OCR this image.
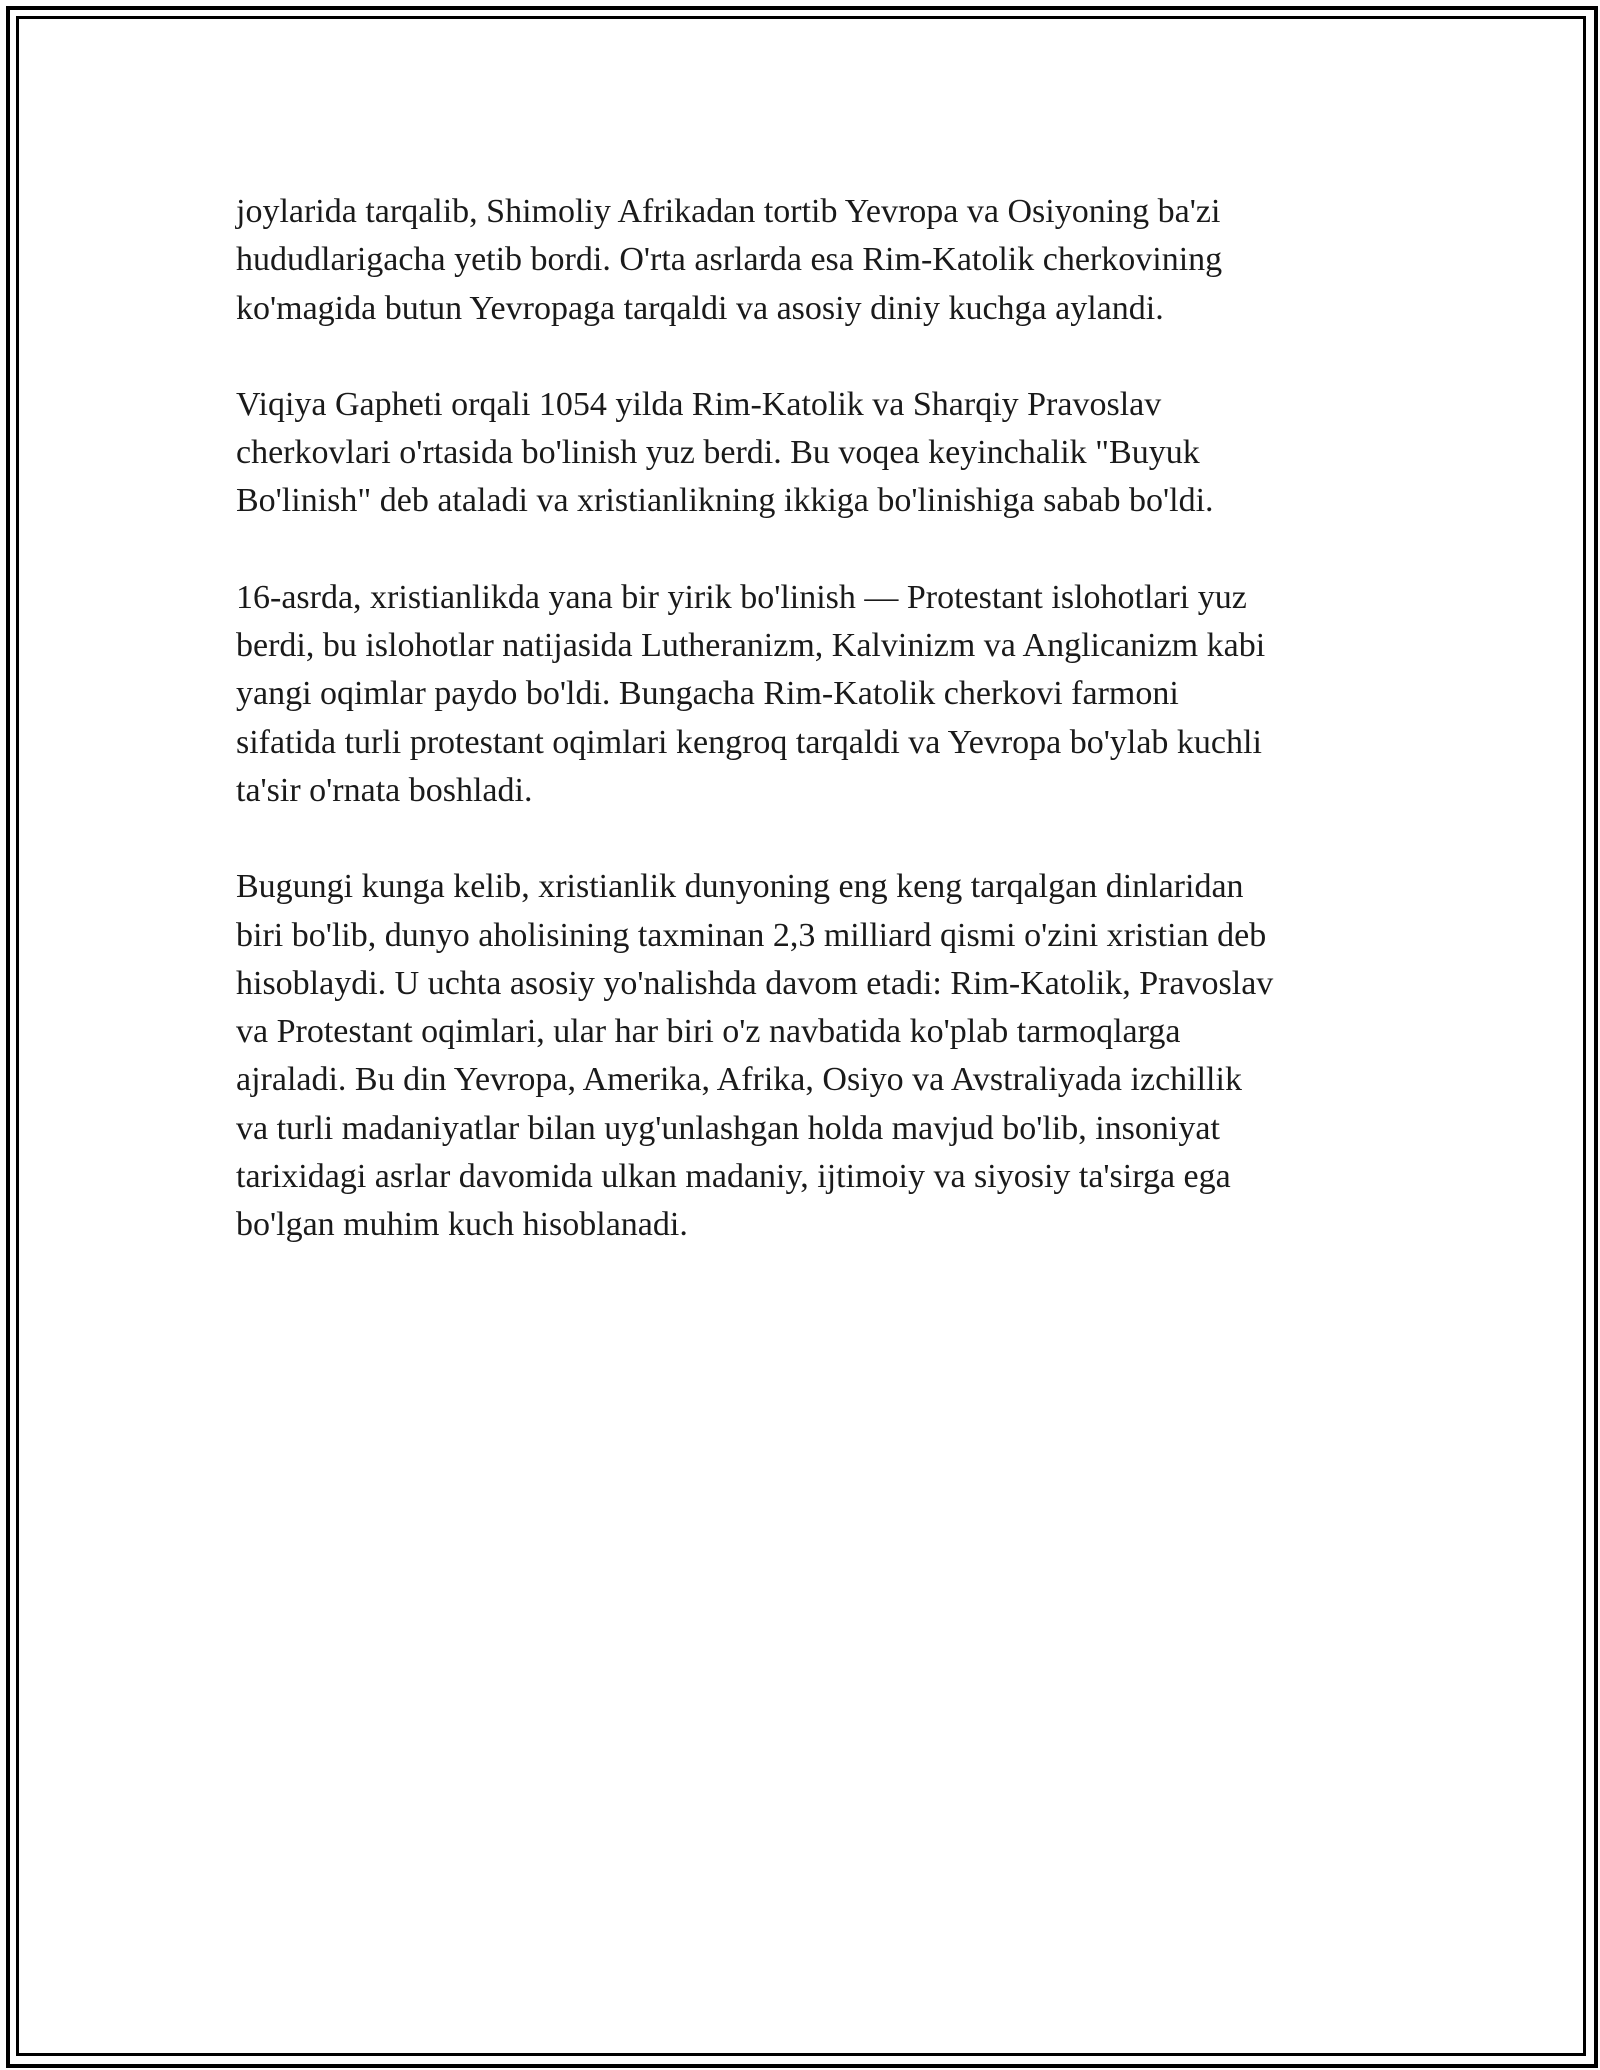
joylarida tarqalib, Shimoliy Afrikadan tortib Yevropa va Osiyoning ba'zi
hududlarigacha yetib bordi. O'rta asrlarda esa Rim-Katolik cherkovining
ko'magida butun Yevropaga tarqaldi va asosiy diniy kuchga aylandi.

Viqiya Gapheti orqali 1054 yilda Rim-Katolik va Sharqiy Pravoslav
cherkovlari o'rtasida bo'linish yuz berdi. Bu voqea keyinchalik "Buyuk
Bo'linish" deb ataladi va xristianlikning ikkiga bo'linishiga sabab bo'ldi.

16-asrda, xristianlikda yana bir yirik bo'linish — Protestant islohotlari yuz
berdi, bu islohotlar natijasida Lutheranizm, Kalvinizm va Anglicanizm kabi
yangi oqimlar paydo bo'ldi. Bungacha Rim-Katolik cherkovi farmoni
sifatida turli protestant oqimlari kengroq tarqaldi va Yevropa bo'ylab kuchli
ta'sir o'rnata boshladi.

Bugungi kunga kelib, xristianlik dunyoning eng keng tarqalgan dinlaridan
biri bo'lib, dunyo aholisining taxminan 2,3 milliard qismi o'zini xristian deb
hisoblaydi. U uchta asosiy yo'nalishda davom etadi: Rim-Katolik, Pravoslav
va Protestant oqimlari, ular har biri o'z navbatida ko'plab tarmoqlarga
ajraladi. Bu din Yevropa, Amerika, Afrika, Osiyo va Avstraliyada izchillik
va turli madaniyatlar bilan uyg'unlashgan holda mavjud bo'lib, insoniyat
tarixidagi asrlar davomida ulkan madaniy, ijtimoiy va siyosiy ta'sirga ega
bo'lgan muhim kuch hisoblanadi.
